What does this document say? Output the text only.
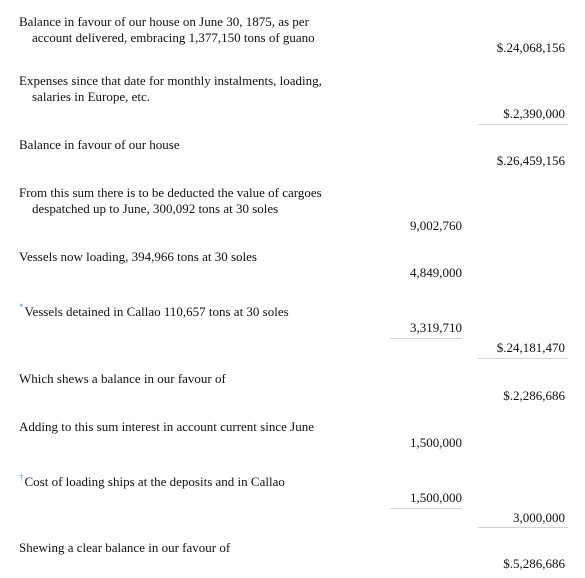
Balance in favour of our house on June 30, 1875, as per
account delivered, embracing 1,377,150 tons of guano
$.24,068,156
Expenses since that date for monthly instalments, loading,
salaries in Europe, etc.
$.2,390,000
Balance in favour of our house
$.26,459,156
From this sum there is to be deducted the value of cargoes
despatched up to June, 300,092 tons at 30 soles
9,002,760
Vessels now loading, 394,966 tons at 30 soles
4,849,000
*Vessels detained in Callao 110,657 tons at 30 soles
3,319,710
$.24,181,470
Which shews a balance in our favour of
$.2,286,686
Adding to this sum interest in account current since June
1,500,000
†Cost of loading ships at the deposits and in Callao
1,500,000
3,000,000
Shewing a clear balance in our favour of
$.5,286,686
